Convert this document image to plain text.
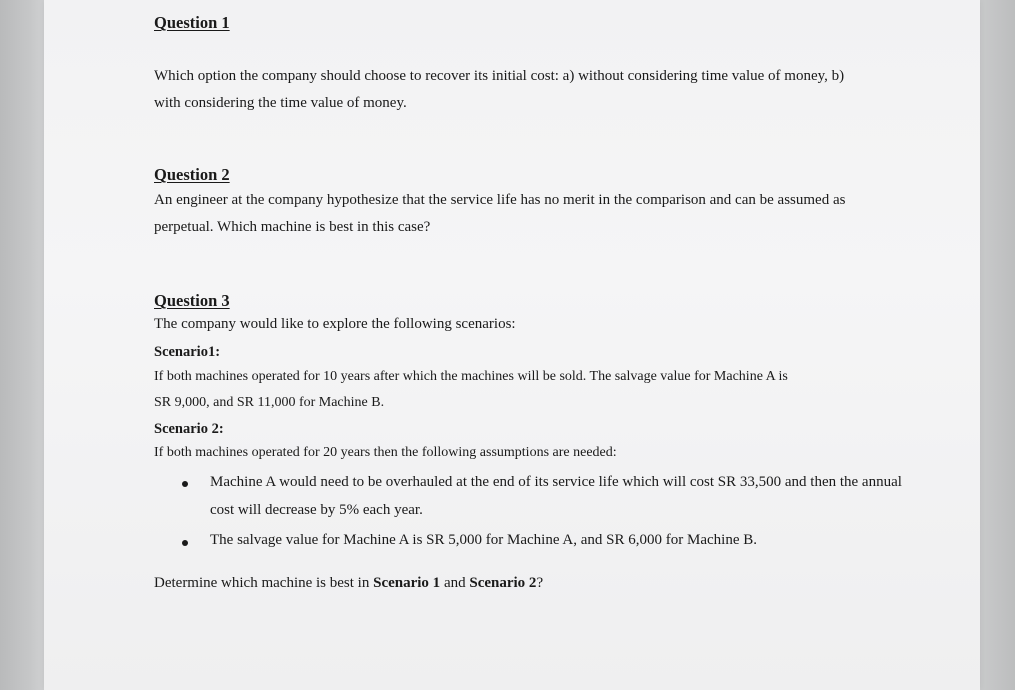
Question 1
Which option the company should choose to recover its initial cost: a) without considering time value of money, b) with considering the time value of money.
Question 2
An engineer at the company hypothesize that the service life has no merit in the comparison and can be assumed as perpetual. Which machine is best in this case?
Question 3
The company would like to explore the following scenarios:
Scenario1:
If both machines operated for 10 years after which the machines will be sold. The salvage value for Machine A is
SR 9,000, and SR 11,000 for Machine B.
Scenario 2:
If both machines operated for 20 years then the following assumptions are needed:
Machine A would need to be overhauled at the end of its service life which will cost SR 33,500 and then the annual cost will decrease by 5% each year.
The salvage value for Machine A is SR 5,000 for Machine A, and SR 6,000 for Machine B.
Determine which machine is best in Scenario 1 and Scenario 2?
